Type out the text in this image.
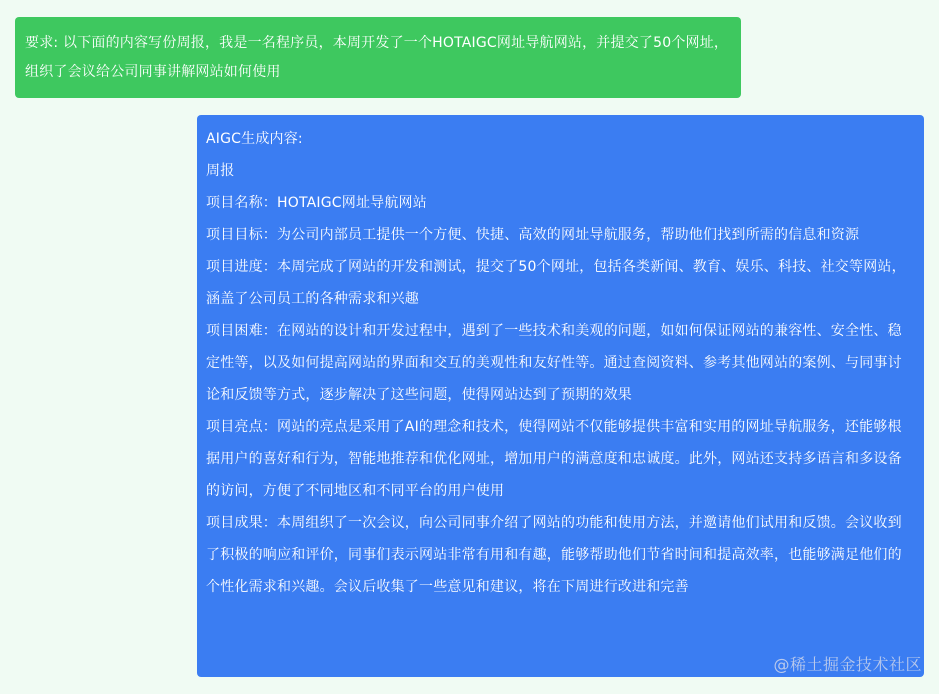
要求: 以下面的内容写份周报，我是一名程序员，本周开发了一个HOTAIGC网址导航网站，并提交了50个网址，组织了会议给公司同事讲解网站如何使用
AIGC生成内容:
周报
项目名称：HOTAIGC网址导航网站
项目目标：为公司内部员工提供一个方便、快捷、高效的网址导航服务，帮助他们找到所需的信息和资源
项目进度：本周完成了网站的开发和测试，提交了50个网址，包括各类新闻、教育、娱乐、科技、社交等网站，涵盖了公司员工的各种需求和兴趣
项目困难：在网站的设计和开发过程中，遇到了一些技术和美观的问题，如如何保证网站的兼容性、安全性、稳定性等，以及如何提高网站的界面和交互的美观性和友好性等。通过查阅资料、参考其他网站的案例、与同事讨论和反馈等方式，逐步解决了这些问题，使得网站达到了预期的效果
项目亮点：网站的亮点是采用了AI的理念和技术，使得网站不仅能够提供丰富和实用的网址导航服务，还能够根据用户的喜好和行为，智能地推荐和优化网址，增加用户的满意度和忠诚度。此外，网站还支持多语言和多设备的访问，方便了不同地区和不同平台的用户使用
项目成果：本周组织了一次会议，向公司同事介绍了网站的功能和使用方法，并邀请他们试用和反馈。会议收到了积极的响应和评价，同事们表示网站非常有用和有趣，能够帮助他们节省时间和提高效率，也能够满足他们的个性化需求和兴趣。会议后收集了一些意见和建议，将在下周进行改进和完善
@稀土掘金技术社区
